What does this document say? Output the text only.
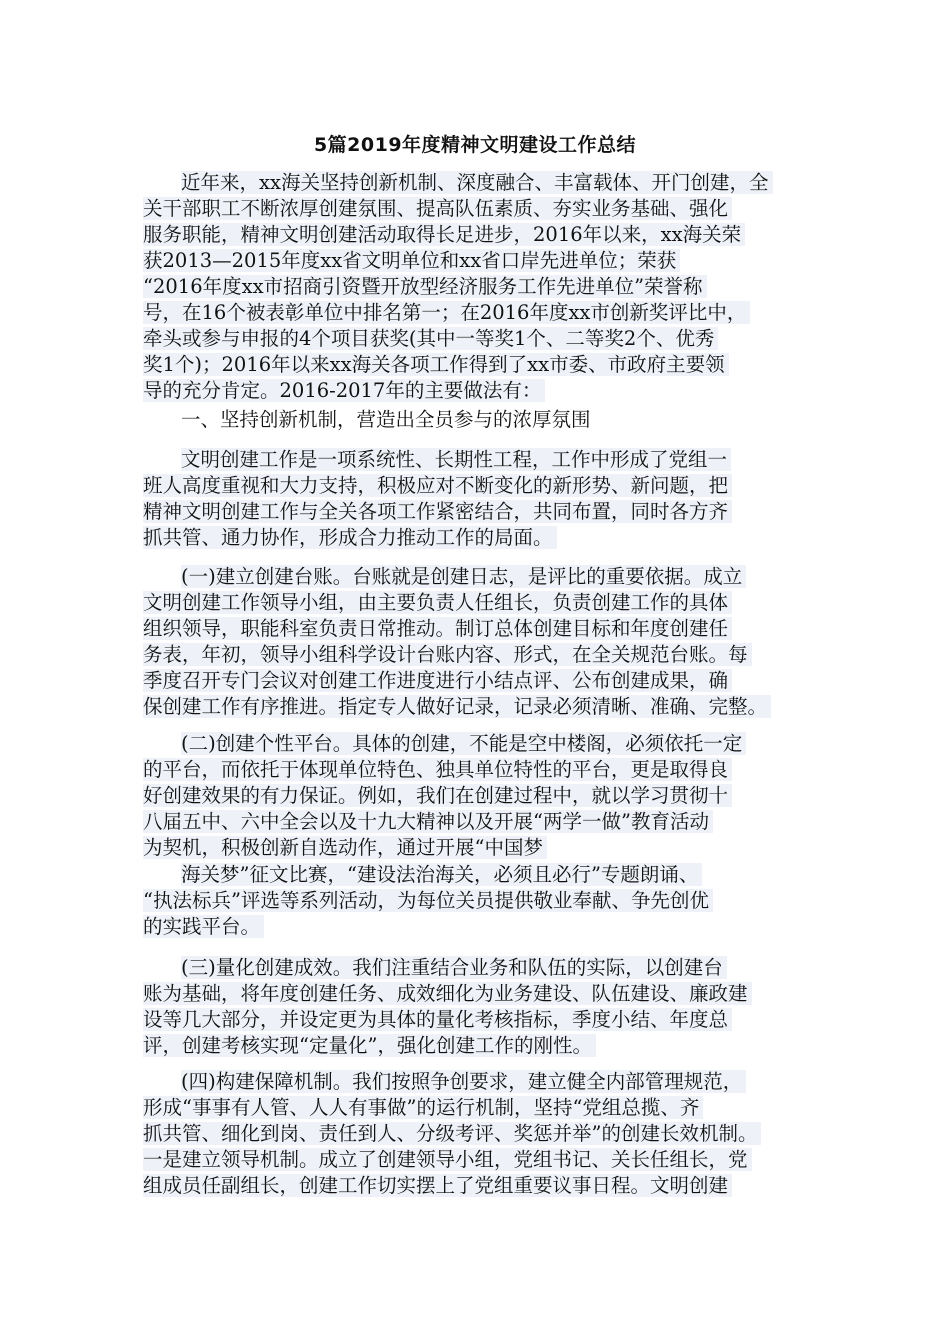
5篇2019年度精神文明建设工作总结
近年来，xx海关坚持创新机制、深度融合、丰富载体、开门创建，全
关干部职工不断浓厚创建氛围、提高队伍素质、夯实业务基础、强化
服务职能，精神文明创建活动取得长足进步，2016年以来，xx海关荣
获2013—2015年度xx省文明单位和xx省口岸先进单位；荣获
“2016年度xx市招商引资暨开放型经济服务工作先进单位”荣誉称
号，在16个被表彰单位中排名第一；在2016年度xx市创新奖评比中，
牵头或参与申报的4个项目获奖(其中一等奖1个、二等奖2个、优秀
奖1个)；2016年以来xx海关各项工作得到了xx市委、市政府主要领
导的充分肯定。2016-2017年的主要做法有：
一、坚持创新机制，营造出全员参与的浓厚氛围
文明创建工作是一项系统性、长期性工程，工作中形成了党组一
班人高度重视和大力支持，积极应对不断变化的新形势、新问题，把
精神文明创建工作与全关各项工作紧密结合，共同布置，同时各方齐
抓共管、通力协作，形成合力推动工作的局面。
(一)建立创建台账。台账就是创建日志，是评比的重要依据。成立
文明创建工作领导小组，由主要负责人任组长，负责创建工作的具体
组织领导，职能科室负责日常推动。制订总体创建目标和年度创建任
务表，年初，领导小组科学设计台账内容、形式，在全关规范台账。每
季度召开专门会议对创建工作进度进行小结点评、公布创建成果，确
保创建工作有序推进。指定专人做好记录，记录必须清晰、准确、完整。
(二)创建个性平台。具体的创建，不能是空中楼阁，必须依托一定
的平台，而依托于体现单位特色、独具单位特性的平台，更是取得良
好创建效果的有力保证。例如，我们在创建过程中，就以学习贯彻十
八届五中、六中全会以及十九大精神以及开展“两学一做”教育活动
为契机，积极创新自选动作，通过开展“中国梦
海关梦”征文比赛，“建设法治海关，必须且必行”专题朗诵、
“执法标兵”评选等系列活动，为每位关员提供敬业奉献、争先创优
的实践平台。
(三)量化创建成效。我们注重结合业务和队伍的实际，以创建台
账为基础，将年度创建任务、成效细化为业务建设、队伍建设、廉政建
设等几大部分，并设定更为具体的量化考核指标，季度小结、年度总
评，创建考核实现“定量化”，强化创建工作的刚性。
(四)构建保障机制。我们按照争创要求，建立健全内部管理规范，
形成“事事有人管、人人有事做”的运行机制，坚持“党组总揽、齐
抓共管、细化到岗、责任到人、分级考评、奖惩并举”的创建长效机制。
一是建立领导机制。成立了创建领导小组，党组书记、关长任组长，党
组成员任副组长，创建工作切实摆上了党组重要议事日程。文明创建
